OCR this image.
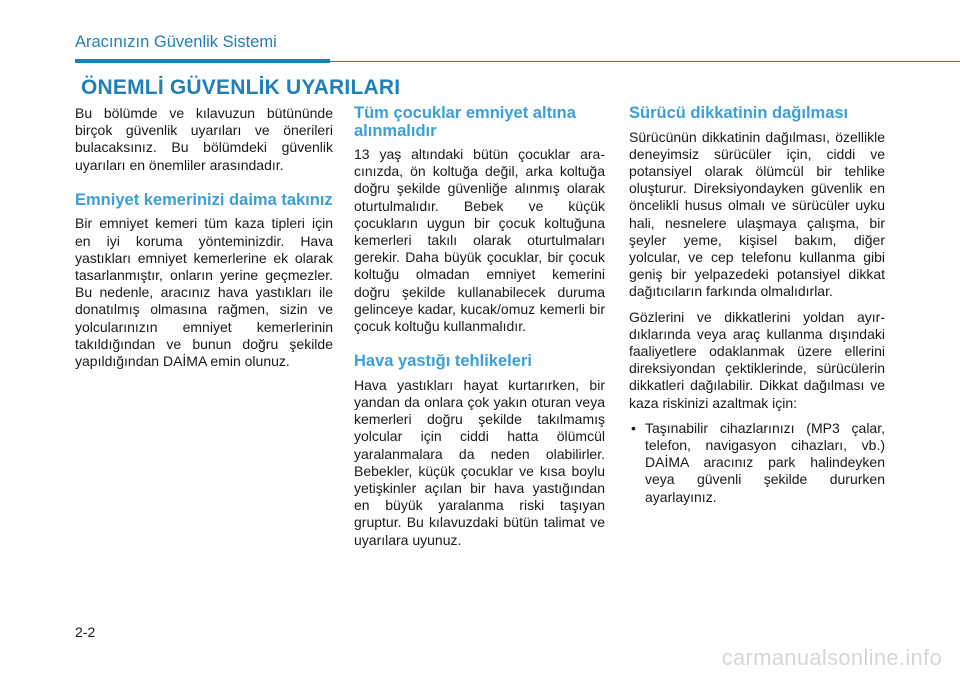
Aracınızın Güvenlik Sistemi
ÖNEMLİ GÜVENLİK UYARILARI

Bu bölümde ve kılavuzun bütününde birçok güvenlik uyarıları ve önerileri bulacaksınız. Bu bölümdeki güvenlik uyarıları en önemliler arasındadır.

Emniyet kemerinizi daima takınız

Bir emniyet kemeri tüm kaza tipleri için en iyi koruma yönteminizdir. Hava yastıkları emniyet kemerlerine ek olarak tasarlanmıştır, onların yerine geçmezler. Bu nedenle, aracınız hava yastıkları ile donatılmış olmasına rağmen, sizin ve yolcularınızın emniyet kemerlerinin takıldığından ve bunun doğru şekilde yapıldığından DAİMA emin olunuz.

Tüm çocuklar emniyet altına alınmalıdır

13 yaş altındaki bütün çocuklar aracınızda, ön koltuğa değil, arka koltuğa doğru şekilde güvenliğe alınmış olarak oturtulmalıdır. Bebek ve küçük çocukların uygun bir çocuk koltuğuna kemerleri takılı olarak oturtulmaları gerekir. Daha büyük çocuklar, bir çocuk koltuğu olmadan emniyet kemerini doğru şekilde kullanabilecek duruma gelinceye kadar, kucak/omuz kemerli bir çocuk koltuğu kullanmalıdır.

Hava yastığı tehlikeleri

Hava yastıkları hayat kurtarırken, bir yandan da onlara çok yakın oturan veya kemerleri doğru şekilde takılmamış yolcular için ciddi hatta ölümcül yaralanmalara da neden olabilirler. Bebekler, küçük çocuklar ve kısa boylu yetişkinler açılan bir hava yastığından en büyük yaralanma riski taşıyan gruptur. Bu kılavuzdaki bütün talimat ve uyarılara uyunuz.

Sürücü dikkatinin dağılması

Sürücünün dikkatinin dağılması, özellikle deneyimsiz sürücüler için, ciddi ve potansiyel olarak ölümcül bir tehlike oluşturur. Direksiyondayken güvenlik en öncelikli husus olmalı ve sürücüler uyku hali, nesnelere ulaşmaya çalışma, bir şeyler yeme, kişisel bakım, diğer yolcular, ve cep telefonu kullanma gibi geniş bir yelpazedeki potansiyel dikkat dağıtıcıların farkında olmalıdırlar.

Gözlerini ve dikkatlerini yoldan ayırdıklarında veya araç kullanma dışındaki faaliyetlere odaklanmak üzere ellerini direksiyondan çektiklerinde, sürücülerin dikkatleri dağılabilir. Dikkat dağılması ve kaza riskinizi azaltmak için:

• Taşınabilir cihazlarınızı (MP3 çalar, telefon, navigasyon cihazları, vb.) DAİMA aracınız park halindeyken veya güvenli şekilde dururken ayarlayınız.
2-2
carmanualsonline.info
